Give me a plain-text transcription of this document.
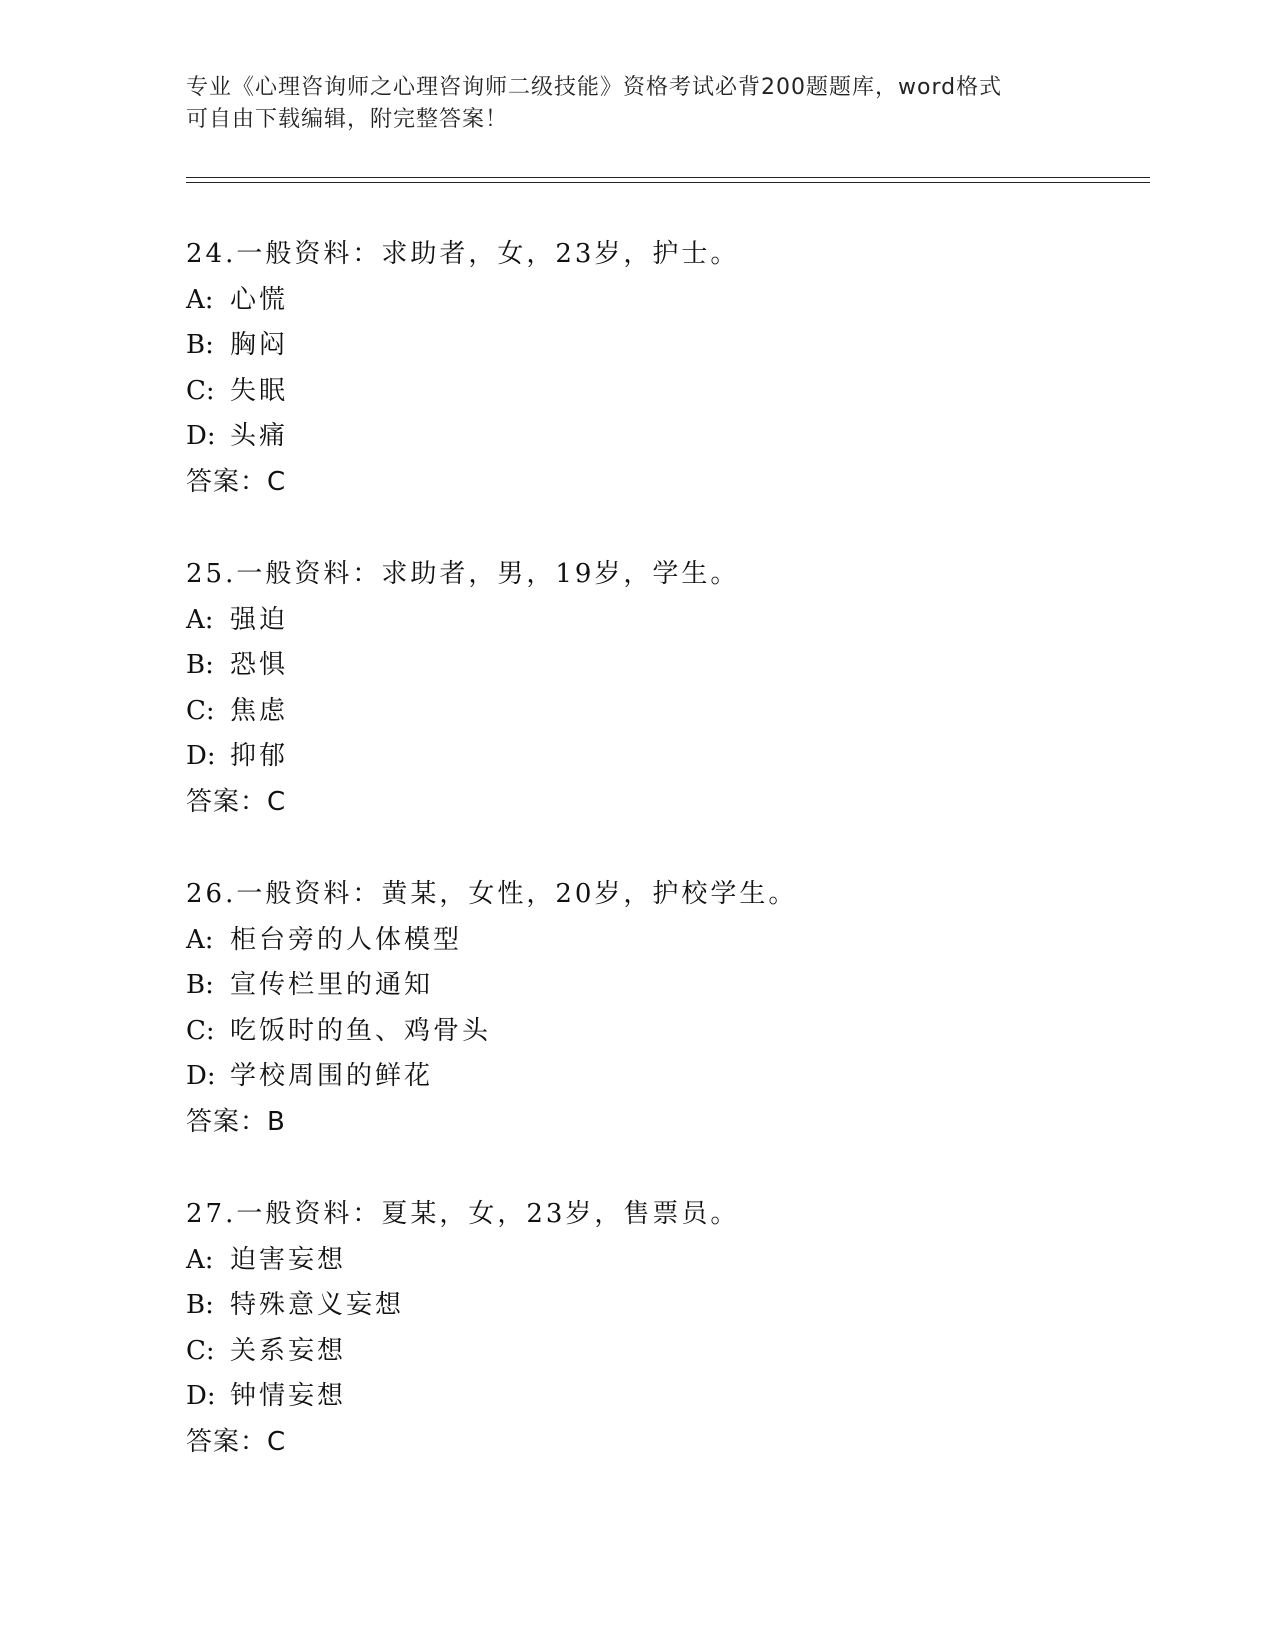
专业《心理咨询师之心理咨询师二级技能》资格考试必背200题题库，word格式
可自由下载编辑，附完整答案！
24.一般资料：求助者，女，23岁，护士。
A: 心慌
B: 胸闷
C: 失眠
D: 头痛
答案：C
25.一般资料：求助者，男，19岁，学生。
A: 强迫
B: 恐惧
C: 焦虑
D: 抑郁
答案：C
26.一般资料：黄某，女性，20岁，护校学生。
A: 柜台旁的人体模型
B: 宣传栏里的通知
C: 吃饭时的鱼、鸡骨头
D: 学校周围的鲜花
答案：B
27.一般资料：夏某，女，23岁，售票员。
A: 迫害妄想
B: 特殊意义妄想
C: 关系妄想
D: 钟情妄想
答案：C
